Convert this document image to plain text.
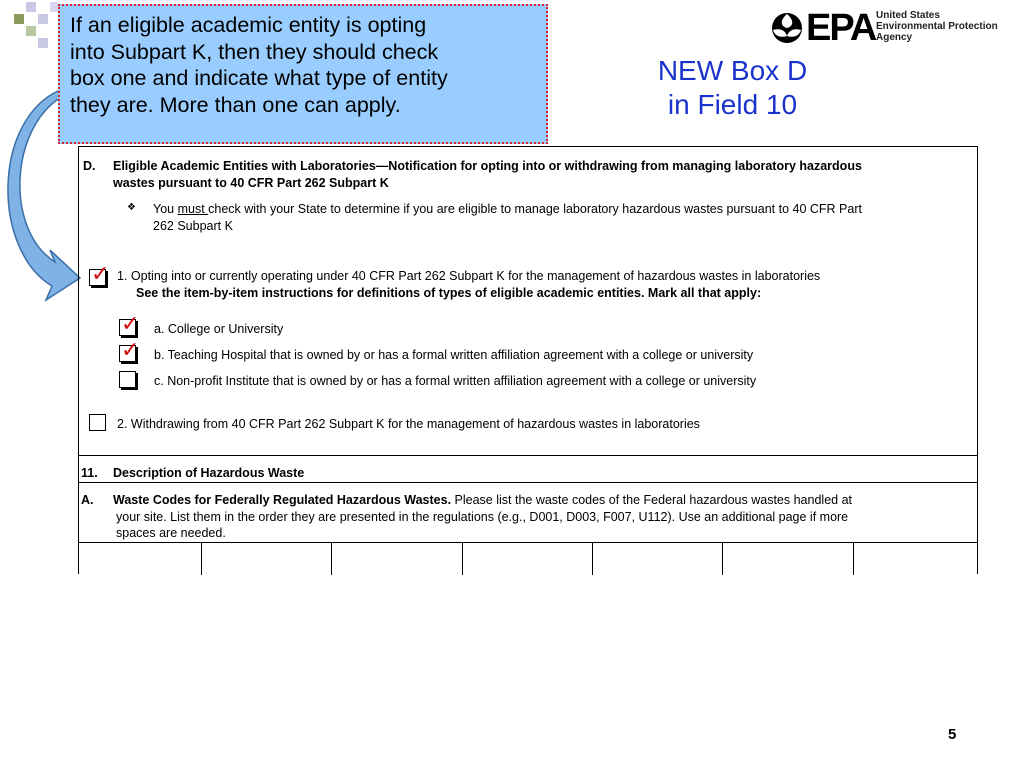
If an eligible academic entity is opting
into Subpart K, then they should check
box one and indicate what type of entity
they are. More than one can apply.
NEW Box D
in Field 10
EPA United States
Environmental Protection
Agency
D. Eligible Academic Entities with Laboratories—Notification for opting into or withdrawing from managing laboratory hazardous
wastes pursuant to 40 CFR Part 262 Subpart K
❖ You must check with your State to determine if you are eligible to manage laboratory hazardous wastes pursuant to 40 CFR Part
262 Subpart K
✓ 1. Opting into or currently operating under 40 CFR Part 262 Subpart K for the management of hazardous wastes in laboratories
See the item-by-item instructions for definitions of types of eligible academic entities. Mark all that apply:
✓ a. College or University
✓ b. Teaching Hospital that is owned by or has a formal written affiliation agreement with a college or university
c. Non-profit Institute that is owned by or has a formal written affiliation agreement with a college or university
2. Withdrawing from 40 CFR Part 262 Subpart K for the management of hazardous wastes in laboratories
11. Description of Hazardous Waste
A. Waste Codes for Federally Regulated Hazardous Wastes. Please list the waste codes of the Federal hazardous wastes handled at
your site. List them in the order they are presented in the regulations (e.g., D001, D003, F007, U112). Use an additional page if more
spaces are needed.
5
